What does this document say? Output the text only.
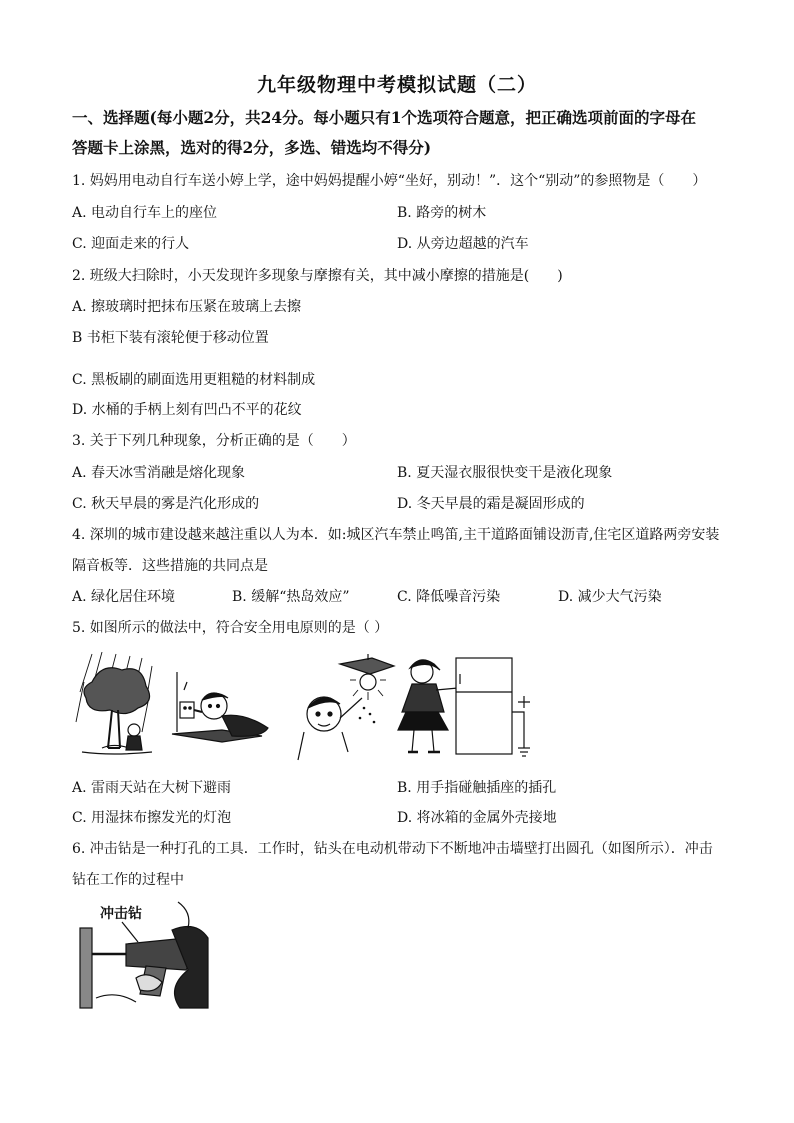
九年级物理中考模拟试题（二）
一、选择题(每小题2分，共24分。每小题只有1个选项符合题意，把正确选项前面的字母在
答题卡上涂黑，选对的得2分，多选、错选均不得分)
1. 妈妈用电动自行车送小婷上学，途中妈妈提醒小婷“坐好，别动！”．这个“别动”的参照物是（　　）
A. 电动自行车上的座位	B. 路旁的树木
C. 迎面走来的行人	D. 从旁边超越的汽车
2. 班级大扫除时，小天发现许多现象与摩擦有关，其中减小摩擦的措施是(　　)
A. 擦玻璃时把抹布压紧在玻璃上去擦
B 书柜下装有滚轮便于移动位置
C. 黑板刷的刷面选用更粗糙的材料制成
D. 水桶的手柄上刻有凹凸不平的花纹
3. 关于下列几种现象，分析正确的是（　　）
A. 春天冰雪消融是熔化现象	B. 夏天湿衣服很快变干是液化现象
C. 秋天早晨的雾是汽化形成的	D. 冬天早晨的霜是凝固形成的
4. 深圳的城市建设越来越注重以人为本．如:城区汽车禁止鸣笛,主干道路面铺设沥青,住宅区道路两旁安装
隔音板等．这些措施的共同点是
A. 绿化居住环境	B. 缓解“热岛效应”	C. 降低噪音污染	D. 减少大气污染
5. 如图所示的做法中，符合安全用电原则的是（ ）
A. 雷雨天站在大树下避雨	B. 用手指碰触插座的插孔
C. 用湿抹布擦发光的灯泡	D. 将冰箱的金属外壳接地
6. 冲击钻是一种打孔的工具．工作时，钻头在电动机带动下不断地冲击墙壁打出圆孔（如图所示）．冲击
钻在工作的过程中
冲击钻
